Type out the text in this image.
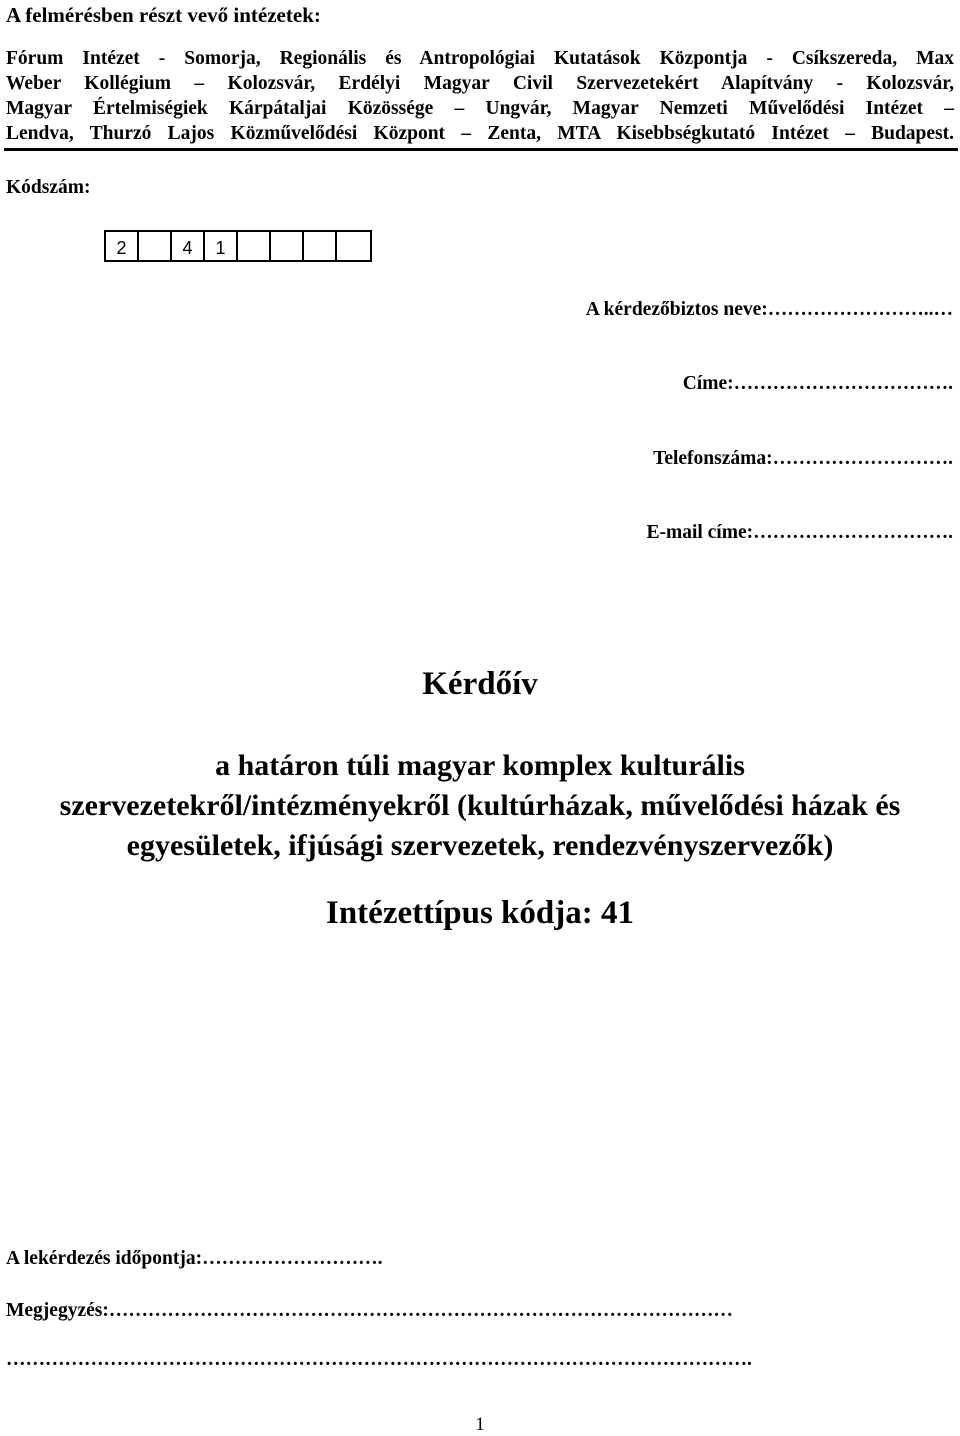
A felmérésben részt vevő intézetek:
Fórum Intézet - Somorja, Regionális és Antropológiai Kutatások Központja - Csíkszereda, Max
Weber Kollégium – Kolozsvár, Erdélyi Magyar Civil Szervezetekért Alapítvány - Kolozsvár,
Magyar Értelmiségiek Kárpátaljai Közössége – Ungvár, Magyar Nemzeti Művelődési Intézet –
Lendva, Thurzó Lajos Közművelődési Központ – Zenta, MTA Kisebbségkutató Intézet – Budapest.
Kódszám:
2	4	1
A kérdezőbiztos neve:……………………..…
Címe:…………………………….
Telefonszáma:……………………….
E-mail címe:………………………….
Kérdőív
a határon túli magyar komplex kulturális
szervezetekről/intézményekről (kultúrházak, művelődési házak és
egyesületek, ifjúsági szervezetek, rendezvényszervezők)
Intézettípus kódja: 41
A lekérdezés időpontja:……………………….
Megjegyzés:……………………………………………………………………………………
…………………………………………………………………………………………………….
1
